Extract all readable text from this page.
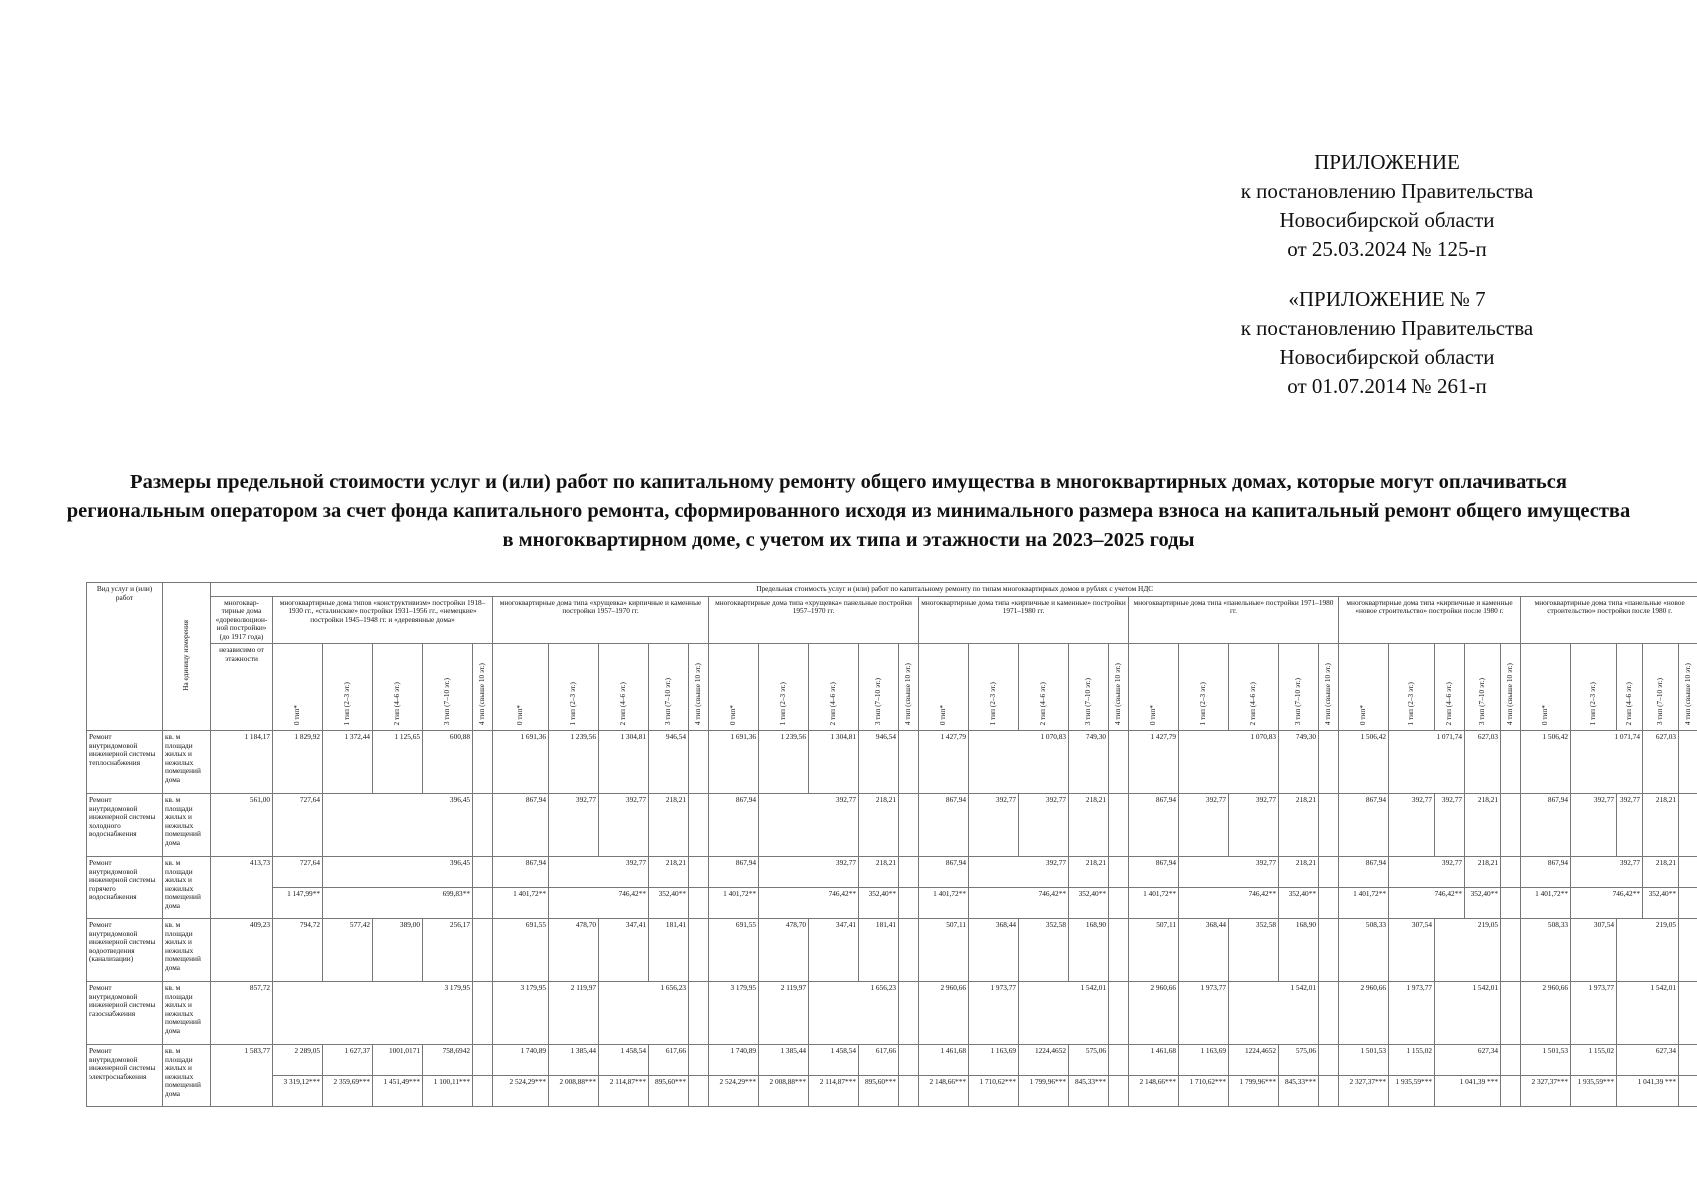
ПРИЛОЖЕНИЕ
к постановлению Правительства
Новосибирской области
от 25.03.2024 № 125-п
«ПРИЛОЖЕНИЕ № 7
к постановлению Правительства
Новосибирской области
от 01.07.2014 № 261-п
Размеры предельной стоимости услуг и (или) работ по капитальному ремонту общего имущества в многоквартирных домах, которые могут оплачиваться региональным оператором за счет фонда капитального ремонта, сформированного исходя из минимального размера взноса на капитальный ремонт общего имущества в многоквартирном доме, с учетом их типа и этажности на 2023–2025 годы
Вид услуг и (или) работ	На единицу измерения	Предельная стоимость услуг и (или) работ по капитальному ремонту по типам многоквартирных домов в рублях с учетом НДС																																			
		многоквар-тирные дома «дореволюцион-ной постройки» (до 1917 года)	многоквартирные дома типов «конструктивизм» постройки 1918–1930 гг., «сталинские» постройки 1931–1956 гг., «немецкие» постройки 1945–1948 гг. и «деревянные дома»					многоквартирные дома типа «хрущевка» кирпичные и каменные постройки 1957–1970 гг.					многоквартирные дома типа «хрущевка» панельные постройки 1957–1970 гг.					многоквартирные дома типа «кирпичные и каменные» постройки 1971–1980 гг.					многоквартирные дома типа «панельные» постройки 1971–1980 гг.					многоквартирные дома типа «кирпичные и каменные «новое строительство» постройки после 1980 г.					многоквартирные дома типа «панельные «новое строительство» постройки после 1980 г.				
		независимо от этажности	0 тип*	1 тип (2–3 эт.)	2 тип (4–6 эт.)	3 тип (7–10 эт.)	4 тип (свыше 10 эт.)	0 тип*	1 тип (2–3 эт.)	2 тип (4–6 эт.)	3 тип (7–10 эт.)	4 тип (свыше 10 эт.)	0 тип*	1 тип (2–3 эт.)	2 тип (4–6 эт.)	3 тип (7–10 эт.)	4 тип (свыше 10 эт.)	0 тип*	1 тип (2–3 эт.)	2 тип (4–6 эт.)	3 тип (7–10 эт.)	4 тип (свыше 10 эт.)	0 тип*	1 тип (2–3 эт.)	2 тип (4–6 эт.)	3 тип (7–10 эт.)	4 тип (свыше 10 эт.)	0 тип*	1 тип (2–3 эт.)	2 тип (4–6 эт.)	3 тип (7–10 эт.)	4 тип (свыше 10 эт.)	0 тип*	1 тип (2–3 эт.)	2 тип (4–6 эт.)	3 тип (7–10 эт.)	4 тип (свыше 10 эт.)
Ремонт внутридомовой инженерной системы теплоснабжения	кв. м площади жилых и нежилых помещений дома	1 184,17	1 829,92	1 372,44	1 125,65	600,88		1 691,36	1 239,56	1 304,81	946,54		1 691,36	1 239,56	1 304,81	946,54		1 427,79	1 070,83		749,30		1 427,79	1 070,83		749,30		1 506,42	1 071,74		627,03		1 506,42	1 071,74		627,03	
Ремонт внутридомовой инженерной системы холодного водоснабжения	кв. м площади жилых и нежилых помещений дома	561,00	727,64	396,45				867,94	392,77	392,77	218,21		867,94	392,77		218,21		867,94	392,77	392,77	218,21		867,94	392,77	392,77	218,21		867,94	392,77	392,77	218,21		867,94	392,77	392,77	218,21	
Ремонт внутридомовой инженерной системы горячего водоснабжения	кв. м площади жилых и нежилых помещений дома	413,73	727,64	396,45				867,94	392,77		218,21		867,94	392,77		218,21		867,94	392,77		218,21		867,94	392,77		218,21		867,94	392,77		218,21		867,94	392,77		218,21	
			1 147,99**	699,83**				1 401,72**	746,42**		352,40**		1 401,72**	746,42**		352,40**		1 401,72**	746,42**		352,40**		1 401,72**	746,42**		352,40**		1 401,72**	746,42**		352,40**		1 401,72**	746,42**		352,40**	
Ремонт внутридомовой инженерной системы водоотведения (канализации)	кв. м площади жилых и нежилых помещений дома	409,23	794,72	577,42	389,00	256,17		691,55	478,70	347,41	181,41		691,55	478,70	347,41	181,41		507,11	368,44	352,58	168,90		507,11	368,44	352,58	168,90		508,33	307,54	219,05			508,33	307,54	219,05		
Ремонт внутридомовой инженерной системы газоснабжения	кв. м площади жилых и нежилых помещений дома	857,72	3 179,95					3 179,95	2 119,97	1 656,23			3 179,95	2 119,97	1 656,23			2 960,66	1 973,77	1 542,01			2 960,66	1 973,77	1 542,01			2 960,66	1 973,77	1 542,01			2 960,66	1 973,77	1 542,01		
Ремонт внутридомовой инженерной системы электроснабжения	кв. м площади жилых и нежилых помещений дома	1 583,77	2 289,05	1 627,37	1001,0171	758,6942		1 740,89	1 385,44	1 458,54	617,66		1 740,89	1 385,44	1 458,54	617,66		1 461,68	1 163,69	1224,4652	575,06		1 461,68	1 163,69	1224,4652	575,06		1 501,53	1 155,02	627,34			1 501,53	1 155,02	627,34		
			3 319,12***	2 359,69***	1 451,49***	1 100,11***		2 524,29***	2 008,88***	2 114,87***	895,60***		2 524,29***	2 008,88***	2 114,87***	895,60***		2 148,66***	1 710,62***	1 799,96***	845,33***		2 148,66***	1 710,62***	1 799,96***	845,33***		2 327,37***	1 935,59***	1 041,39 ***			2 327,37***	1 935,59***	1 041,39 ***		
